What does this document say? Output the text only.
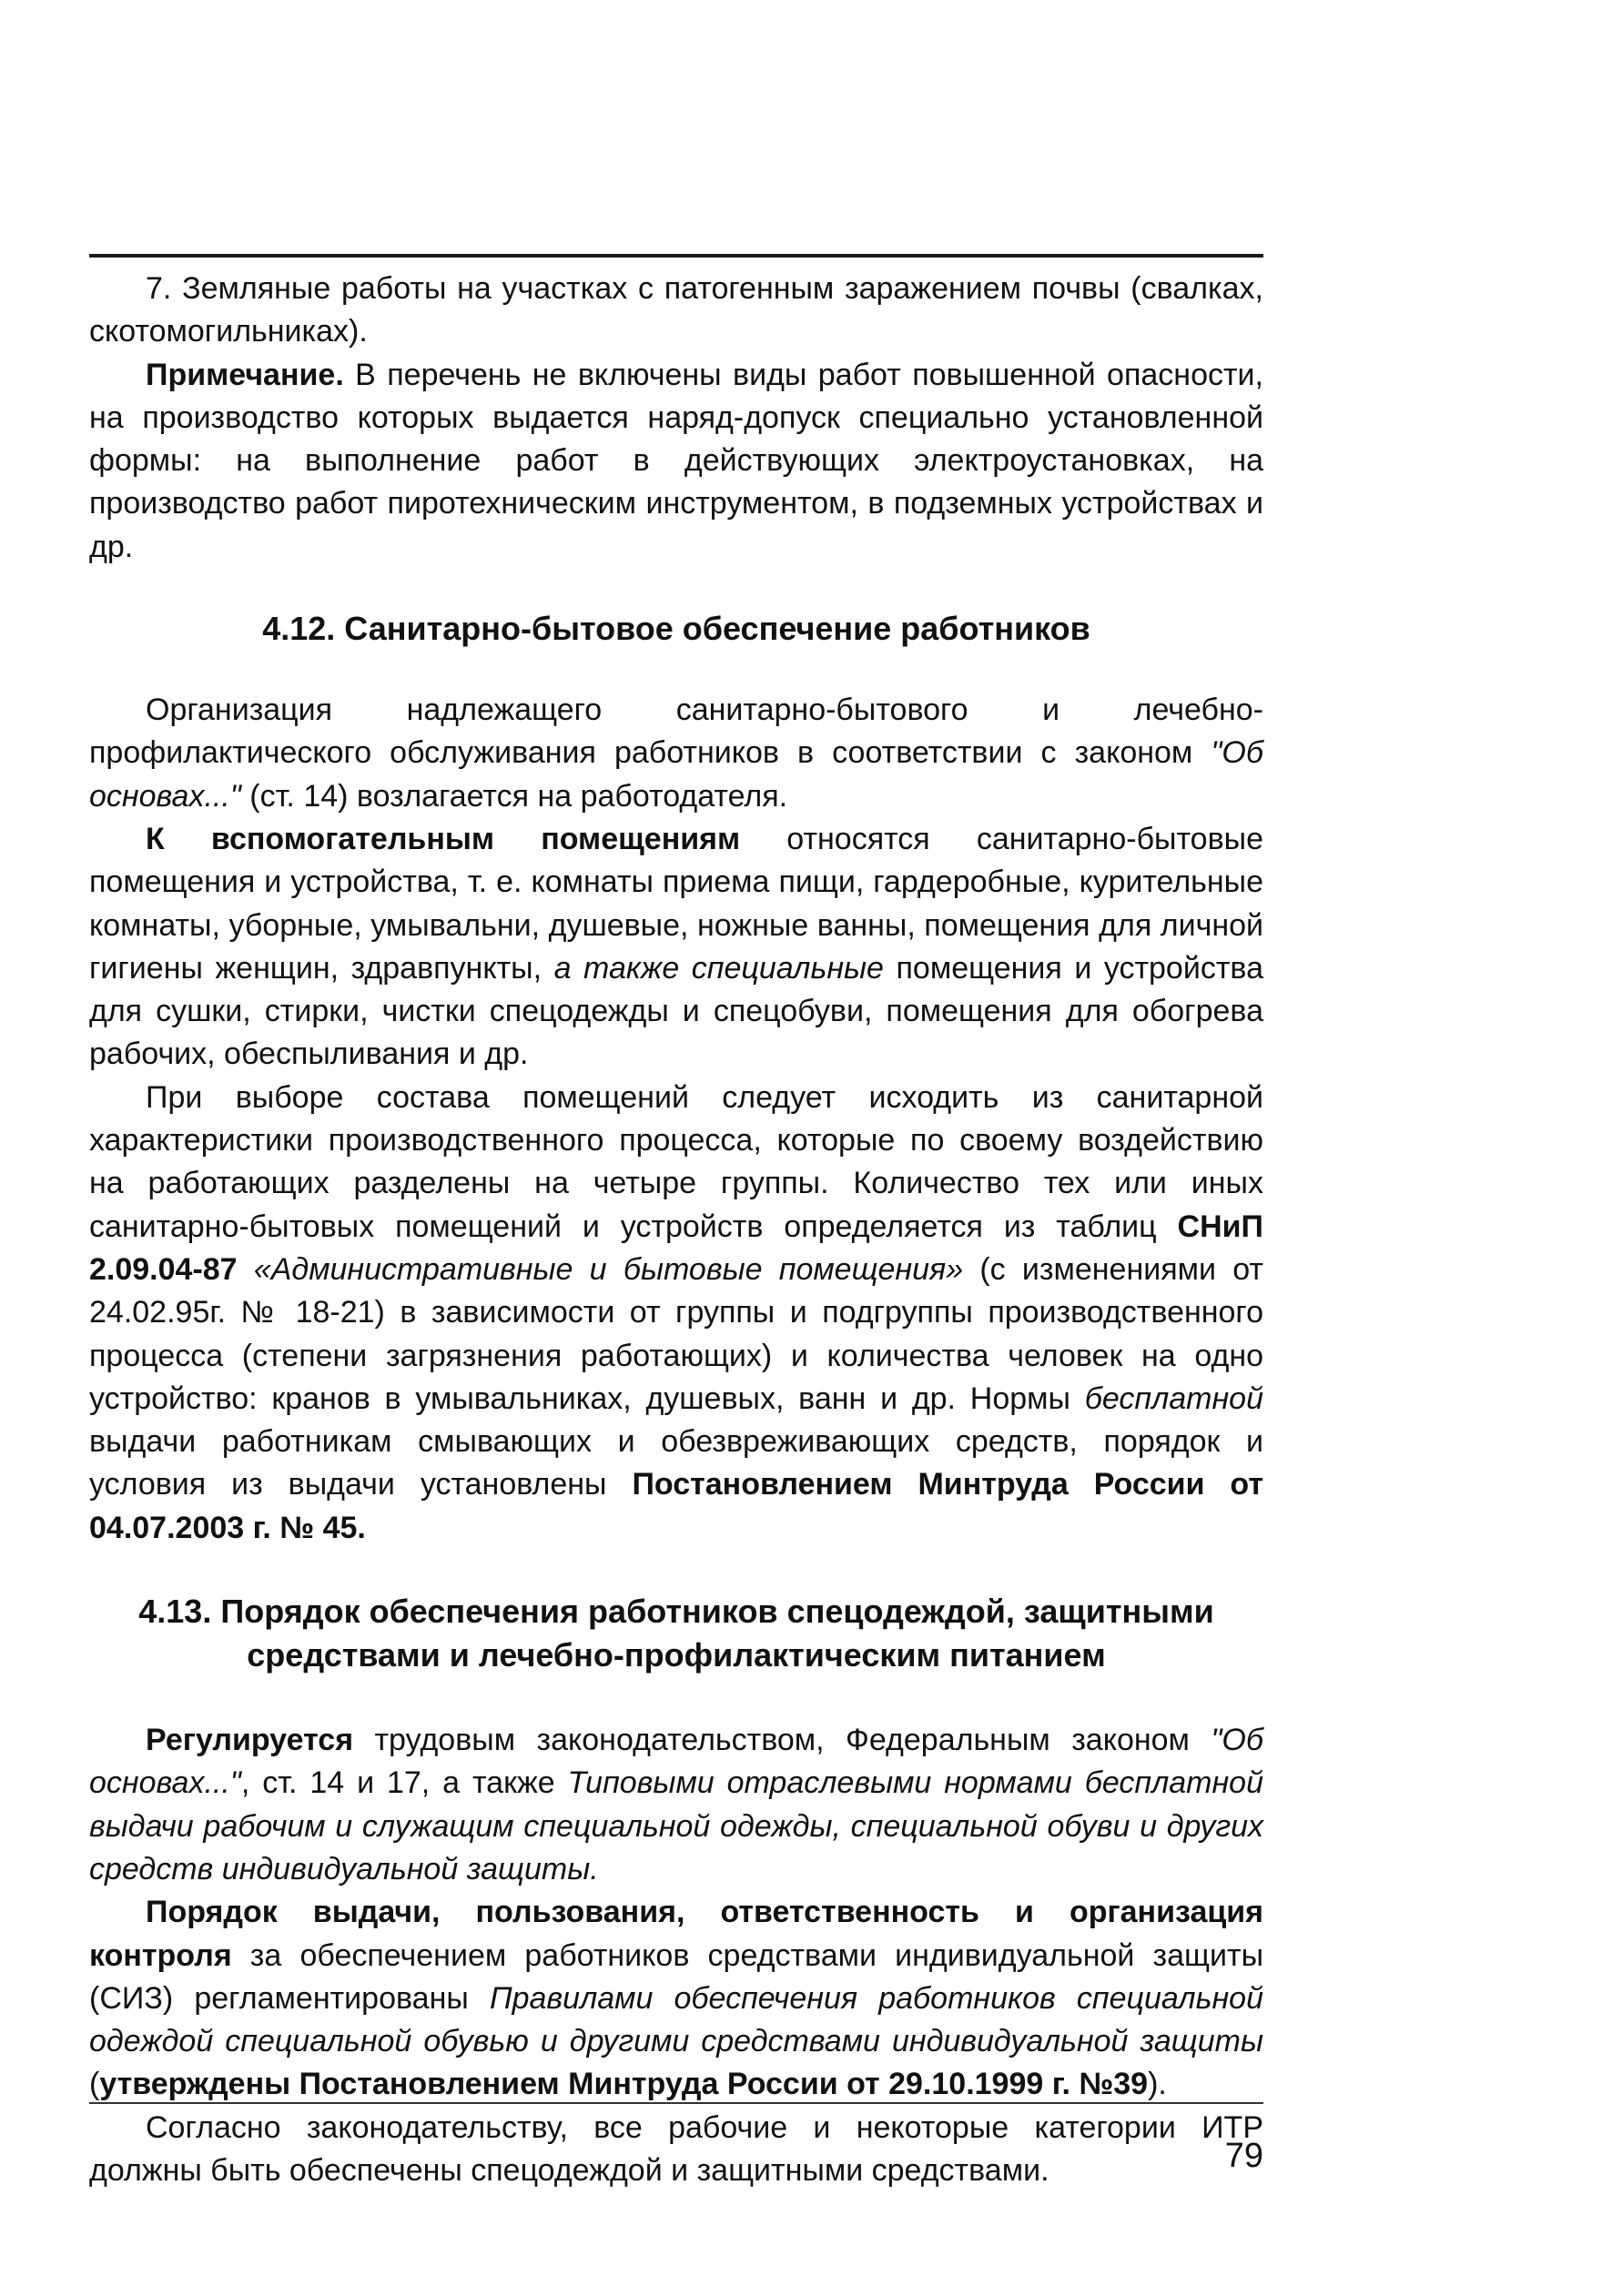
7. Земляные работы на участках с патогенным заражением почвы (свалках, скотомогильниках).

Примечание. В перечень не включены виды работ повышенной опасности, на производство которых выдается наряд-допуск специально установленной формы: на выполнение работ в действующих электроустановках, на производство работ пиротехническим инструментом, в подземных устройствах и др.

4.12. Санитарно-бытовое обеспечение работников

Организация надлежащего санитарно-бытового и лечебно-профилактического обслуживания работников в соответствии с законом "Об основах..." (ст. 14) возлагается на работодателя.

К вспомогательным помещениям относятся санитарно-бытовые помещения и устройства, т. е. комнаты приема пищи, гардеробные, курительные комнаты, уборные, умывальни, душевые, ножные ванны, помещения для личной гигиены женщин, здравпункты, а также специальные помещения и устройства для сушки, стирки, чистки спецодежды и спецобуви, помещения для обогрева рабочих, обеспыливания и др.

При выборе состава помещений следует исходить из санитарной характеристики производственного процесса, которые по своему воздействию на работающих разделены на четыре группы. Количество тех или иных санитарно-бытовых помещений и устройств определяется из таблиц СНиП 2.09.04-87 «Административные и бытовые помещения» (с изменениями от 24.02.95г. № 18-21) в зависимости от группы и подгруппы производственного процесса (степени загрязнения работающих) и количества человек на одно устройство: кранов в умывальниках, душевых, ванн и др. Нормы бесплатной выдачи работникам смывающих и обезвреживающих средств, порядок и условия из выдачи установлены Постановлением Минтруда России от 04.07.2003 г. № 45.

4.13. Порядок обеспечения работников спецодеждой, защитными
средствами и лечебно-профилактическим питанием

Регулируется трудовым законодательством, Федеральным законом "Об основах...", ст. 14 и 17, а также Типовыми отраслевыми нормами бесплатной выдачи рабочим и служащим специальной одежды, специальной обуви и других средств индивидуальной защиты.

Порядок выдачи, пользования, ответственность и организация контроля за обеспечением работников средствами индивидуальной защиты (СИЗ) регламентированы Правилами обеспечения работников специальной одеждой специальной обувью и другими средствами индивидуальной защиты (утверждены Постановлением Минтруда России от 29.10.1999 г. №39).

Согласно законодательству, все рабочие и некоторые категории ИТР должны быть обеспечены спецодеждой и защитными средствами.	79
